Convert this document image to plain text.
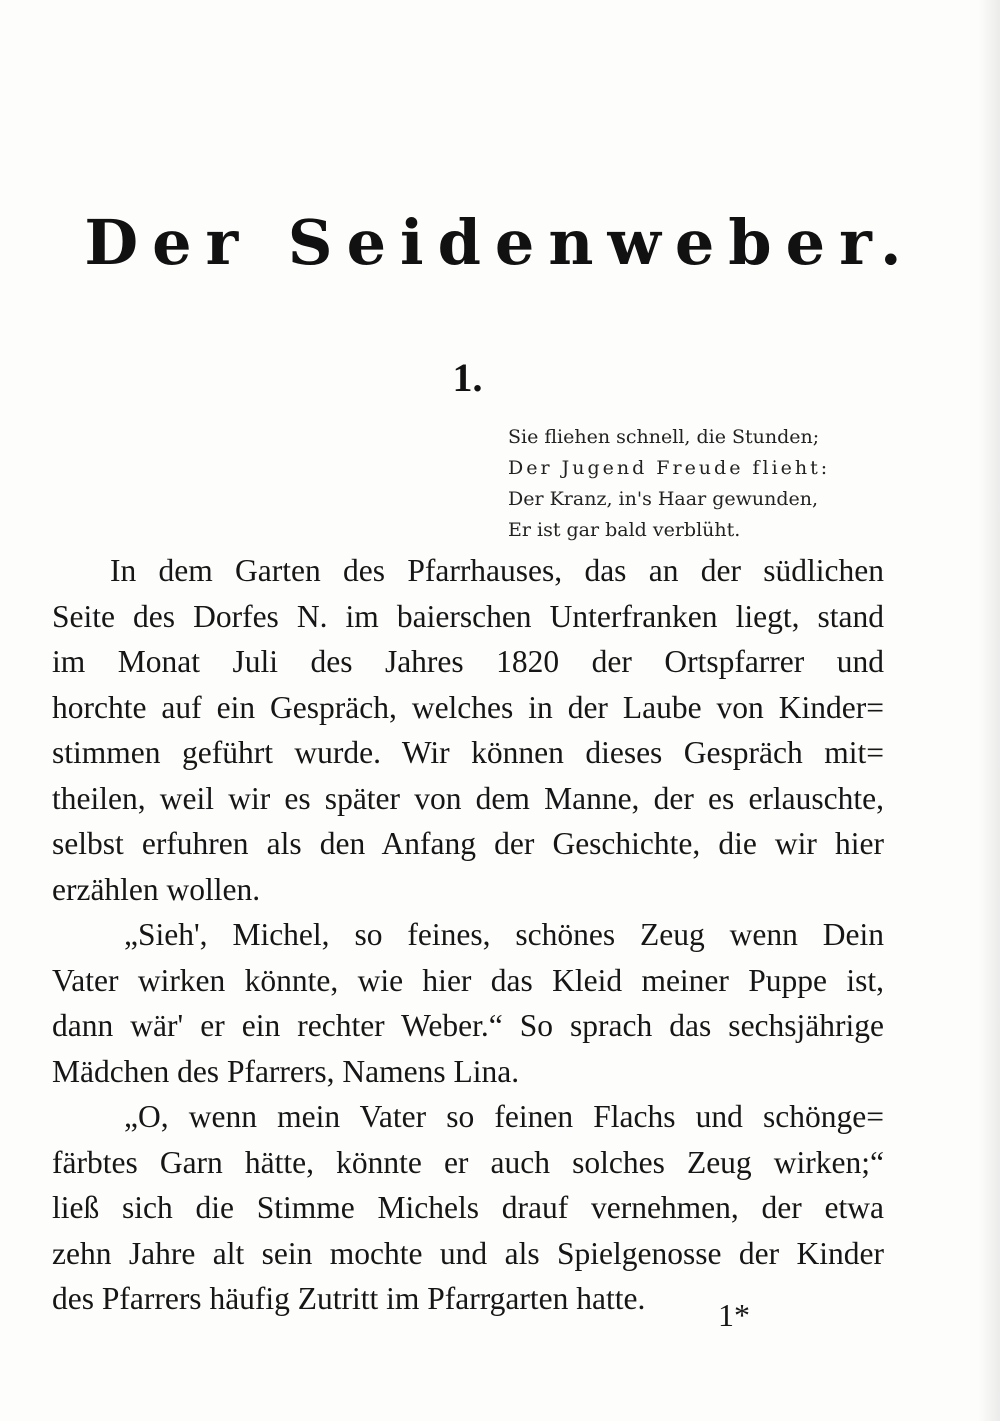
Der Seidenweber.
1.
Sie fliehen schnell, die Stunden;
Der Jugend Freude flieht:
Der Kranz, in's Haar gewunden,
Er ist gar bald verblüht.
In dem Garten des Pfarrhauses, das an der südlichen
Seite des Dorfes N. im baierschen Unterfranken liegt, stand
im Monat Juli des Jahres 1820 der Ortspfarrer und
horchte auf ein Gespräch, welches in der Laube von Kinder=
stimmen geführt wurde. Wir können dieses Gespräch mit=
theilen, weil wir es später von dem Manne, der es erlauschte,
selbst erfuhren als den Anfang der Geschichte, die wir hier
erzählen wollen.
„Sieh', Michel, so feines, schönes Zeug wenn Dein
Vater wirken könnte, wie hier das Kleid meiner Puppe ist,
dann wär' er ein rechter Weber.“ So sprach das sechsjährige
Mädchen des Pfarrers, Namens Lina.
„O, wenn mein Vater so feinen Flachs und schönge=
färbtes Garn hätte, könnte er auch solches Zeug wirken;“
ließ sich die Stimme Michels drauf vernehmen, der etwa
zehn Jahre alt sein mochte und als Spielgenosse der Kinder
des Pfarrers häufig Zutritt im Pfarrgarten hatte.	1*
